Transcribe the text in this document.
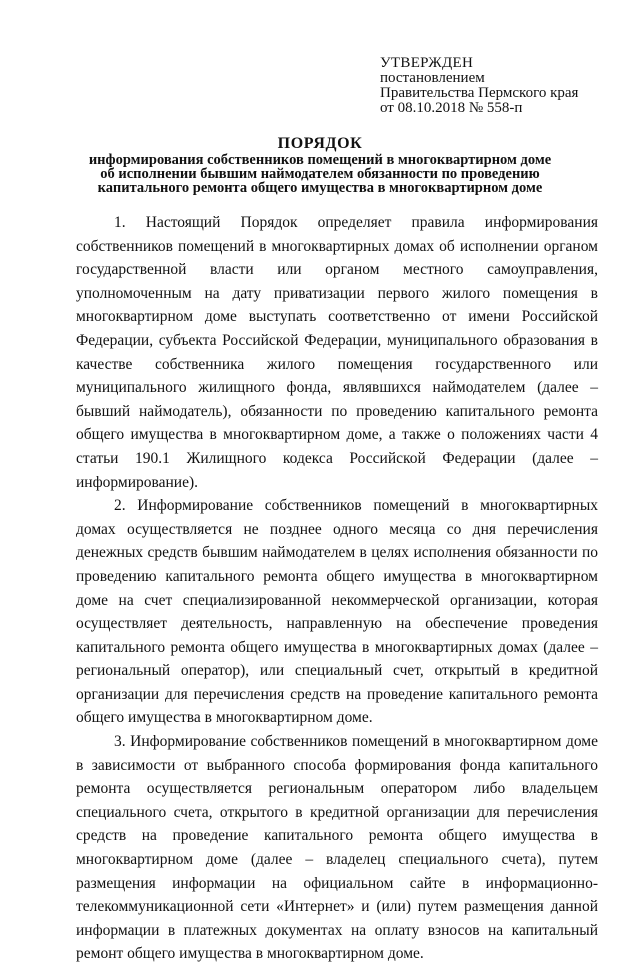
УТВЕРЖДЕН
постановлением
Правительства Пермского края
от 08.10.2018 № 558-п
ПОРЯДОК
информирования собственников помещений в многоквартирном доме
об исполнении бывшим наймодателем обязанности по проведению
капитального ремонта общего имущества в многоквартирном доме

1. Настоящий Порядок определяет правила информирования собственников помещений в многоквартирных домах об исполнении органом государственной власти или органом местного самоуправления, уполномоченным на дату приватизации первого жилого помещения в многоквартирном доме выступать соответственно от имени Российской Федерации, субъекта Российской Федерации, муниципального образования в качестве собственника жилого помещения государственного или муниципального жилищного фонда, являвшихся наймодателем (далее – бывший наймодатель), обязанности по проведению капитального ремонта общего имущества в многоквартирном доме, а также о положениях части 4 статьи 190.1 Жилищного кодекса Российской Федерации (далее – информирование).

2. Информирование собственников помещений в многоквартирных домах осуществляется не позднее одного месяца со дня перечисления денежных средств бывшим наймодателем в целях исполнения обязанности по проведению капитального ремонта общего имущества в многоквартирном доме на счет специализированной некоммерческой организации, которая осуществляет деятельность, направленную на обеспечение проведения капитального ремонта общего имущества в многоквартирных домах (далее – региональный оператор), или специальный счет, открытый в кредитной организации для перечисления средств на проведение капитального ремонта общего имущества в многоквартирном доме.

3. Информирование собственников помещений в многоквартирном доме в зависимости от выбранного способа формирования фонда капитального ремонта осуществляется региональным оператором либо владельцем специального счета, открытого в кредитной организации для перечисления средств на проведение капитального ремонта общего имущества в многоквартирном доме (далее – владелец специального счета), путем размещения информации на официальном сайте в информационно-телекоммуникационной сети «Интернет» и (или) путем размещения данной информации в платежных документах на оплату взносов на капитальный ремонт общего имущества в многоквартирном доме.
